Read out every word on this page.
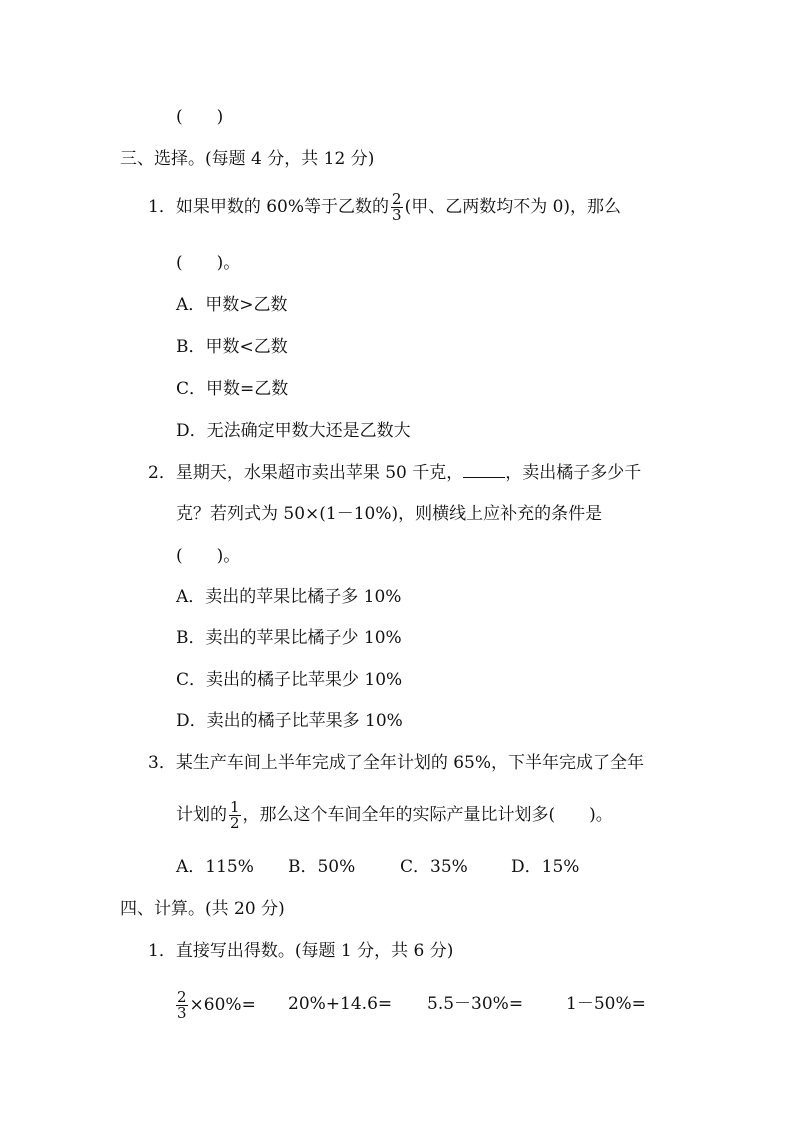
(　　)
三、选择。(每题 4 分，共 12 分)
1．如果甲数的 60%等于乙数的 $\frac{2}{3}$ (甲、乙两数均不为 0)，那么
(　　)。
A．甲数>乙数
B．甲数<乙数
C．甲数=乙数
D．无法确定甲数大还是乙数大
2．星期天，水果超市卖出苹果 50 千克， ，卖出橘子多少千
克？若列式为 50×(1－10%)，则横线上应补充的条件是
(　　)。
A．卖出的苹果比橘子多 10%
B．卖出的苹果比橘子少 10%
C．卖出的橘子比苹果少 10%
D．卖出的橘子比苹果多 10%
3．某生产车间上半年完成了全年计划的 65%，下半年完成了全年
计划的 $\frac{1}{2}$ ，那么这个车间全年的实际产量比计划多(　　)。
A．115% B．50%	C．35%	D．15%
四、计算。(共 20 分)
1．直接写出得数。(每题 1 分，共 6 分)
$\frac{2}{3} \times 60\%= 20\%+14.6= 5.5-30\%=$	1－50%=
